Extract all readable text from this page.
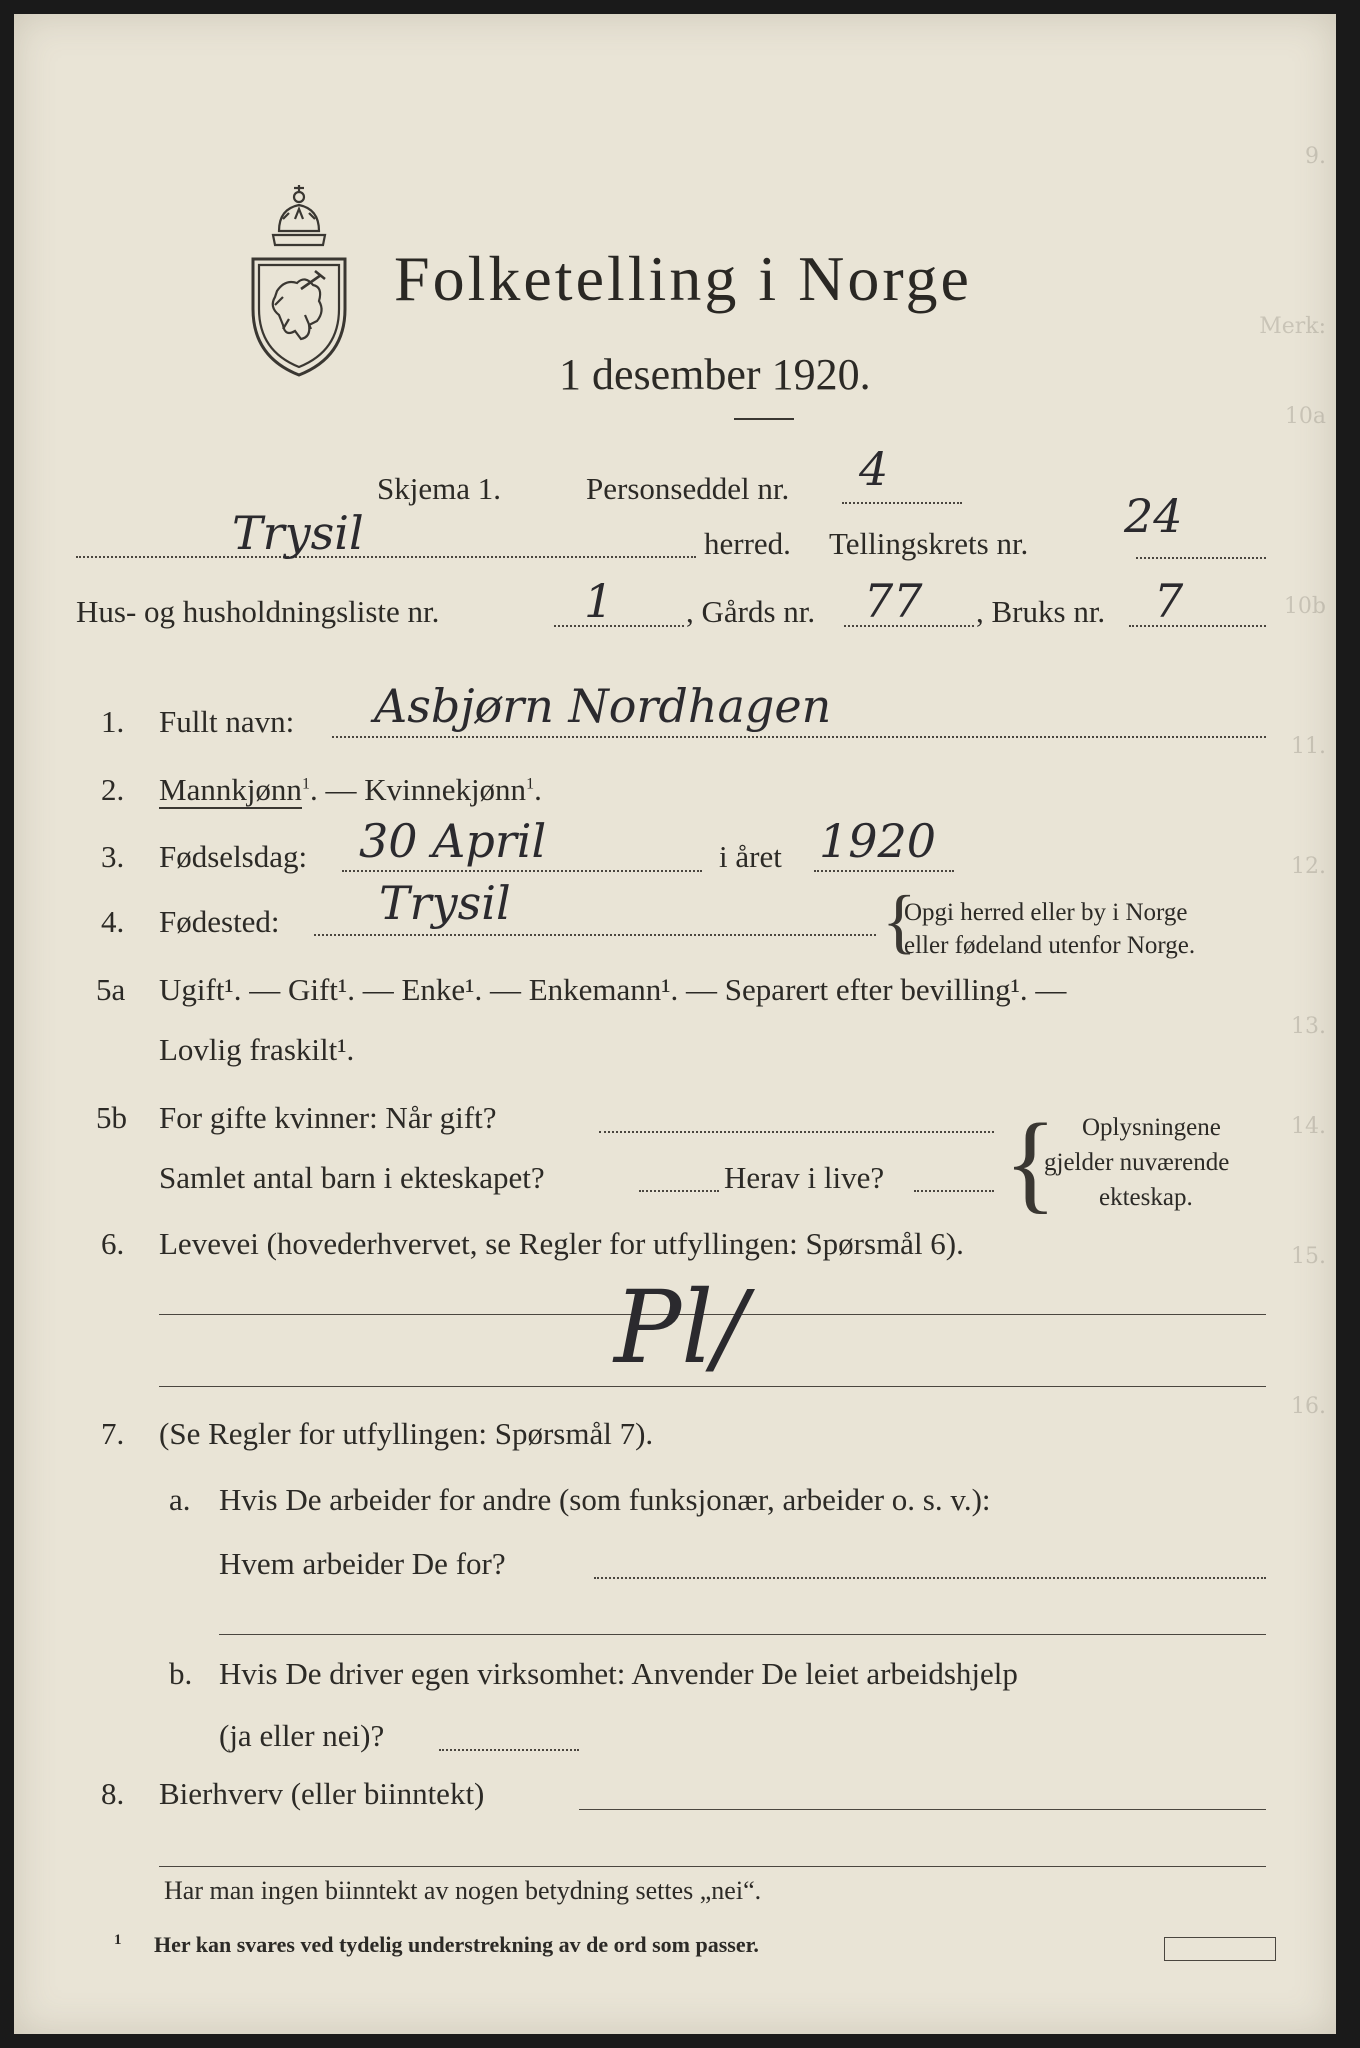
9.
Merk:
10a
10b
11.
12.
13.
14.
15.
16.
Folketelling i Norge
1 desember 1920.
Skjema 1.	Personseddel nr. 4
Trysil	herred. Tellingskrets nr.
24
Hus- og husholdningsliste nr.	1 , Gårds nr. 77 , Bruks nr. 7
1. Fullt navn: Asbjørn Nordhagen
2. Mannkjønn$^1$. — Kvinnekjønn$^1$.
3. Fødselsdag: 30 April	i året 1920
4. Fødested: Trysil	{
Opgi herred eller by i Norge
eller fødeland utenfor Norge.
5a Ugift¹. — Gift¹. — Enke¹. — Enkemann¹. — Separert efter bevilling¹. —
Lovlig fraskilt¹.
5b For gifte kvinner: Når gift?
Samlet antal barn i ekteskapet?	Herav i live? { Oplysningene
gjelder nuværende
ekteskap.
6. Levevei (hovederhvervet, se Regler for utfyllingen: Spørsmål 6).
Pl/
7. (Se Regler for utfyllingen: Spørsmål 7).
a. Hvis De arbeider for andre (som funksjonær, arbeider o. s. v.):
Hvem arbeider De for?
b. Hvis De driver egen virksomhet: Anvender De leiet arbeidshjelp
(ja eller nei)?
8. Bierhverv (eller biinntekt)
Har man ingen biinntekt av nogen betydning settes „nei“.
1 Her kan svares ved tydelig understrekning av de ord som passer.
